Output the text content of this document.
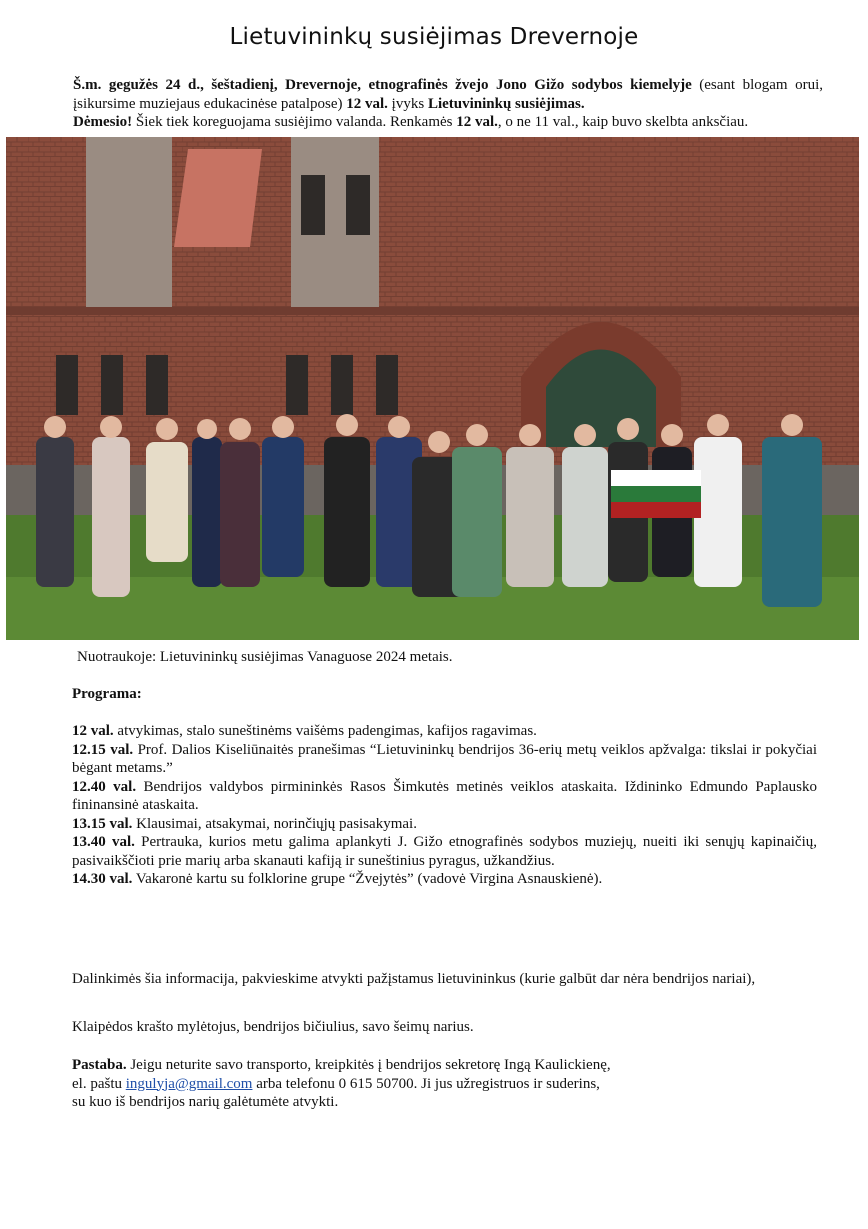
Lietuvininkų susiėjimas Drevernoje

Š.m. gegužės 24 d., šeštadienį, Drevernoje, etnografinės žvejo Jono Gižo sodybos kiemelyje (esant blogam orui, įsikursime muziejaus edukacinėse patalpose) 12 val. įvyks Lietuvininkų susiėjimas.

Dėmesio! Šiek tiek koreguojama susiėjimo valanda. Renkamės 12 val., o ne 11 val., kaip buvo skelbta anksčiau.

Nuotraukoje: Lietuvininkų susiėjimas Vanaguose 2024 metais.
Programa:
12 val. atvykimas, stalo suneštinėms vaišėms padengimas, kafijos ragavimas.
12.15 val. Prof. Dalios Kiseliūnaitės pranešimas “Lietuvininkų bendrijos 36-erių metų veiklos apžvalga: tikslai ir pokyčiai bėgant metams.”
12.40 val. Bendrijos valdybos pirmininkės Rasos Šimkutės metinės veiklos ataskaita. Iždininko Edmundo Paplausko fininansinė ataskaita.
13.15 val. Klausimai, atsakymai, norinčiųjų pasisakymai.
13.40 val. Pertrauka, kurios metu galima aplankyti J. Gižo etnografinės sodybos muziejų, nueiti iki senųjų kapinaičių, pasivaikščioti prie marių arba skanauti kafiją ir suneštinius pyragus, užkandžius.
14.30 val. Vakaronė kartu su folklorine grupe “Žvejytės” (vadovė Virgina Asnauskienė).
Dalinkimės šia informacija, pakvieskime atvykti pažįstamus lietuvininkus (kurie galbūt dar nėra bendrijos nariai),
Klaipėdos krašto mylėtojus, bendrijos bičiulius, savo šeimų narius.

Pastaba. Jeigu neturite savo transporto, kreipkitės į bendrijos sekretorę Ingą Kaulickienę,

el. paštu ingulyja@gmail.com arba telefonu 0 615 50700. Ji jus užregistruos ir suderins,

su kuo iš bendrijos narių galėtumėte atvykti.
